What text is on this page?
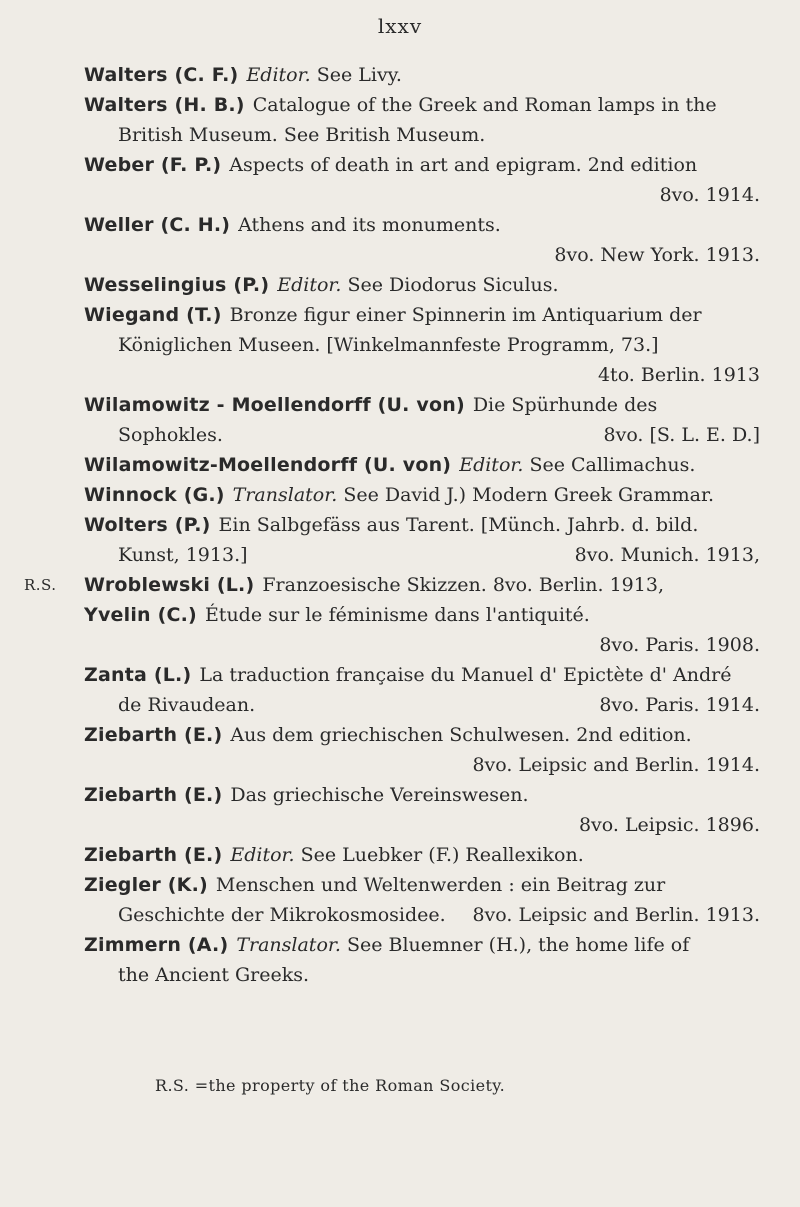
lxxv
Walters (C. F.) Editor. See Livy.
Walters (H. B.) Catalogue of the Greek and Roman lamps in the
British Museum. See British Museum.
Weber (F. P.) Aspects of death in art and epigram. 2nd edition
8vo. 1914.
Weller (C. H.) Athens and its monuments.
8vo. New York. 1913.
Wesselingius (P.) Editor. See Diodorus Siculus.
Wiegand (T.) Bronze figur einer Spinnerin im Antiquarium der
Königlichen Museen. [Winkelmannfeste Programm, 73.]
4to. Berlin. 1913
Wilamowitz - Moellendorff (U. von) Die Spürhunde des
Sophokles.	8vo. [S. L. E. D.]
Wilamowitz-Moellendorff (U. von) Editor. See Callimachus.
Winnock (G.) Translator. See David J.) Modern Greek Grammar.
Wolters (P.) Ein Salbgefäss aus Tarent. [Münch. Jahrb. d. bild.
Kunst, 1913.]	8vo. Munich. 1913,
R.S. Wroblewski (L.) Franzoesische Skizzen. 8vo. Berlin. 1913,
Yvelin (C.) Étude sur le féminisme dans l'antiquité.
8vo. Paris. 1908.
Zanta (L.) La traduction française du Manuel d' Epictète d' André
de Rivaudean.	8vo. Paris. 1914.
Ziebarth (E.) Aus dem griechischen Schulwesen. 2nd edition.
8vo. Leipsic and Berlin. 1914.
Ziebarth (E.) Das griechische Vereinswesen.
8vo. Leipsic. 1896.
Ziebarth (E.) Editor. See Luebker (F.) Reallexikon.
Ziegler (K.) Menschen und Weltenwerden : ein Beitrag zur
Geschichte der Mikrokosmosidee. 8vo. Leipsic and Berlin. 1913.
Zimmern (A.) Translator. See Bluemner (H.), the home life of
the Ancient Greeks.
R.S. =the property of the Roman Society.
